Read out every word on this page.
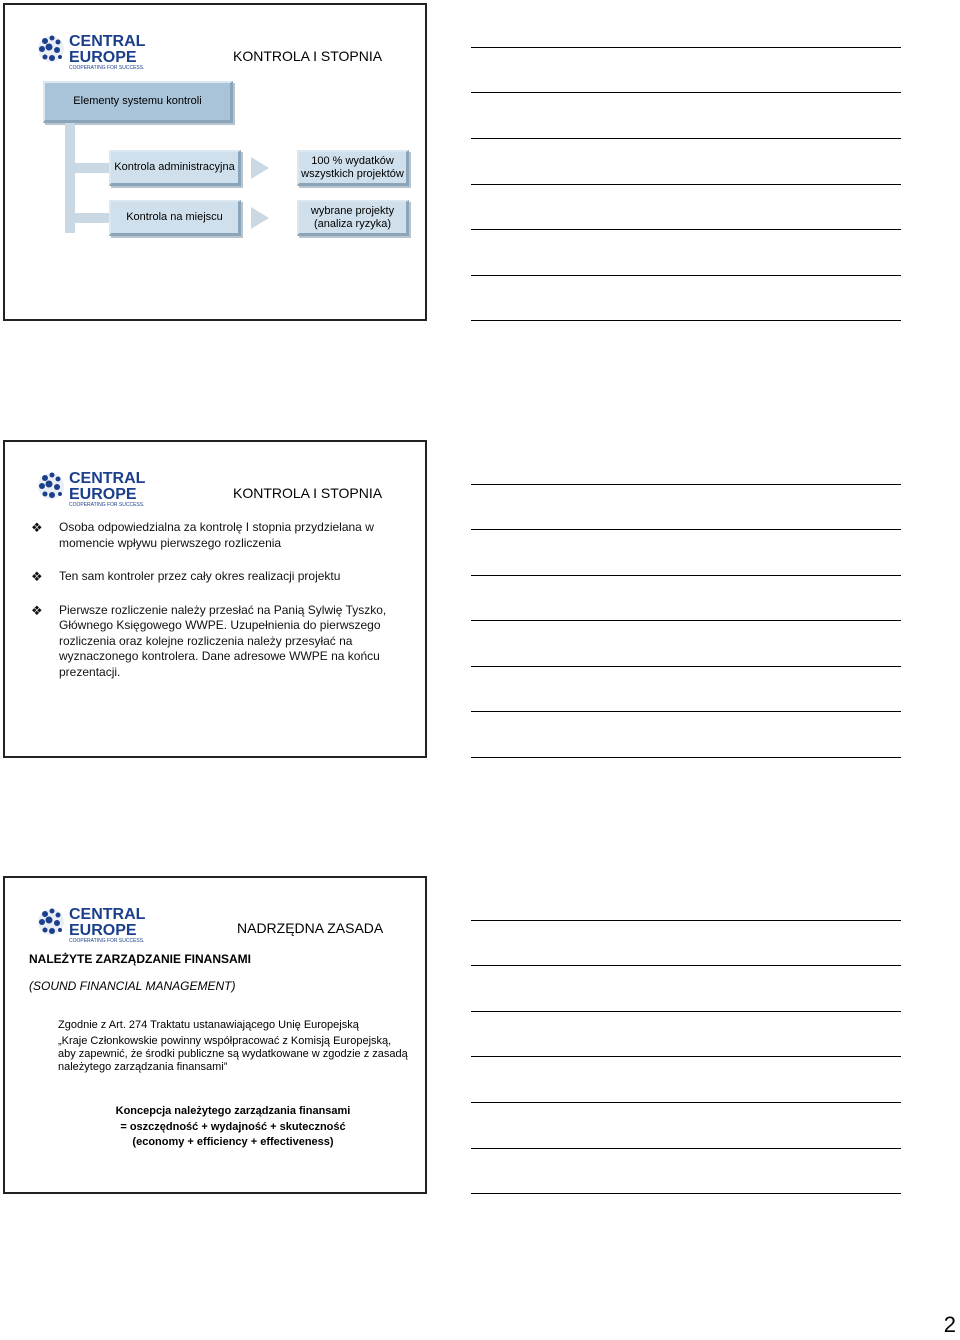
CENTRAL
EUROPE
COOPERATING FOR SUCCESS.
KONTROLA I STOPNIA
Elementy systemu kontroli
Kontrola administracyjna
100 % wydatków
wszystkich projektów
Kontrola na miejscu
wybrane projekty
(analiza ryzyka)
CENTRAL
EUROPE
COOPERATING FOR SUCCESS.
KONTROLA I STOPNIA
❖ Osoba odpowiedzialna za kontrolę I stopnia przydzielana w momencie wpływu pierwszego rozliczenia
❖ Ten sam kontroler przez cały okres realizacji projektu
❖ Pierwsze rozliczenie należy przesłać na Panią Sylwię Tyszko, Głównego Księgowego WWPE. Uzupełnienia do pierwszego rozliczenia oraz kolejne rozliczenia należy przesyłać na wyznaczonego kontrolera. Dane adresowe WWPE na końcu prezentacji.
CENTRAL
EUROPE
COOPERATING FOR SUCCESS.
NADRZĘDNA ZASADA
NALEŻYTE ZARZĄDZANIE FINANSAMI
(SOUND FINANCIAL MANAGEMENT)
Zgodnie z Art. 274 Traktatu ustanawiającego Unię Europejską
„Kraje Członkowskie powinny współpracować z Komisją Europejską, aby zapewnić, że środki publiczne są wydatkowane w zgodzie z zasadą należytego zarządzania finansami”
Koncepcja należytego zarządzania finansami
= oszczędność + wydajność + skuteczność
(economy + efficiency + effectiveness)
2
